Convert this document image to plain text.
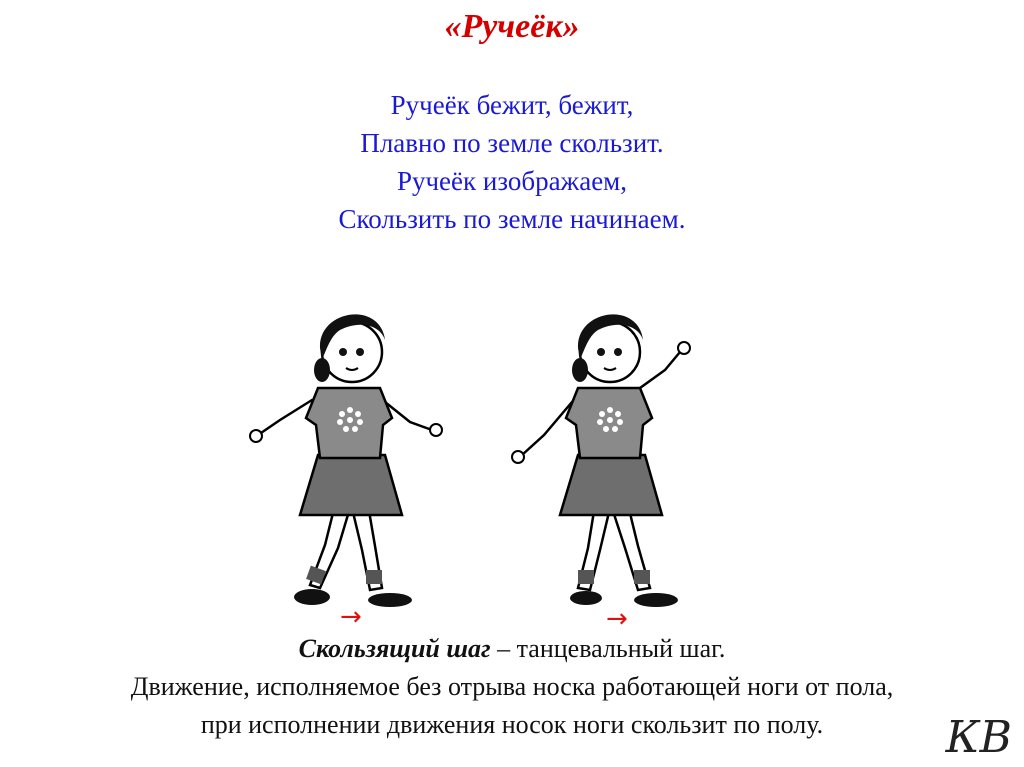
«Ручеёк»
Ручеёк бежит, бежит,
Плавно по земле скользит.
Ручеёк изображаем,
Скользить по земле начинаем.
→	→
Скользящий шаг – танцевальный шаг.
Движение, исполняемое без отрыва носка работающей ноги от пола,
при исполнении движения носок ноги скользит по полу.	КВ
